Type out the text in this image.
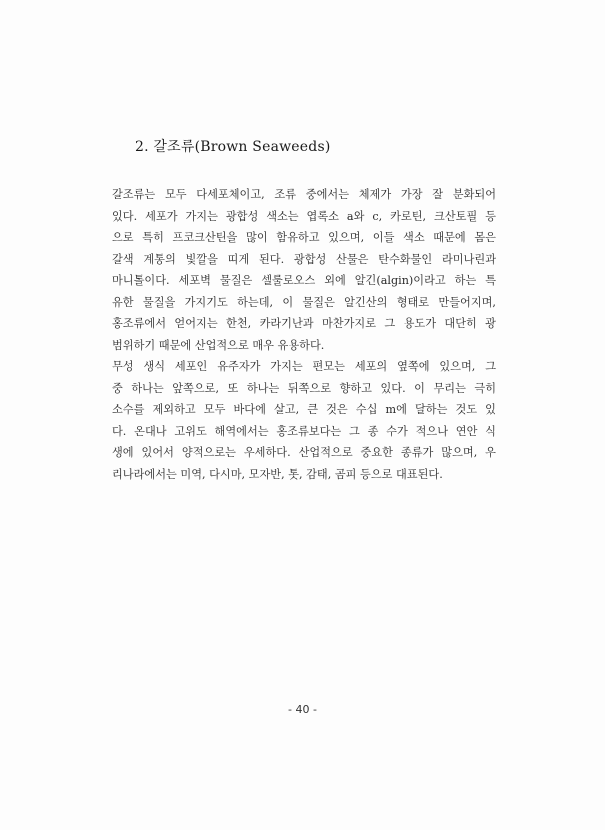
2. 갈조류(Brown Seaweeds)
갈조류는 모두 다세포체이고, 조류 중에서는 체제가 가장 잘 분화되어
있다. 세포가 가지는 광합성 색소는 엽록소 a와 c, 카로틴, 크산토필 등
으로 특히 프코크산틴을 많이 함유하고 있으며, 이들 색소 때문에 몸은
갈색 계통의 빛깔을 띠게 된다. 광합성 산물은 탄수화물인 라미나린과
마니톨이다. 세포벽 물질은 셀룰로오스 외에 알긴(algin)이라고 하는 특
유한 물질을 가지기도 하는데, 이 물질은 알긴산의 형태로 만들어지며,
홍조류에서 얻어지는 한천, 카라기난과 마찬가지로 그 용도가 대단히 광
범위하기 때문에 산업적으로 매우 유용하다.
무성 생식 세포인 유주자가 가지는 편모는 세포의 옆쪽에 있으며, 그
중 하나는 앞쪽으로, 또 하나는 뒤쪽으로 향하고 있다. 이 무리는 극히
소수를 제외하고 모두 바다에 살고, 큰 것은 수십 m에 달하는 것도 있
다. 온대나 고위도 해역에서는 홍조류보다는 그 종 수가 적으나 연안 식
생에 있어서 양적으로는 우세하다. 산업적으로 중요한 종류가 많으며, 우
리나라에서는 미역, 다시마, 모자반, 톳, 감태, 곰피 등으로 대표된다.
- 40 -
